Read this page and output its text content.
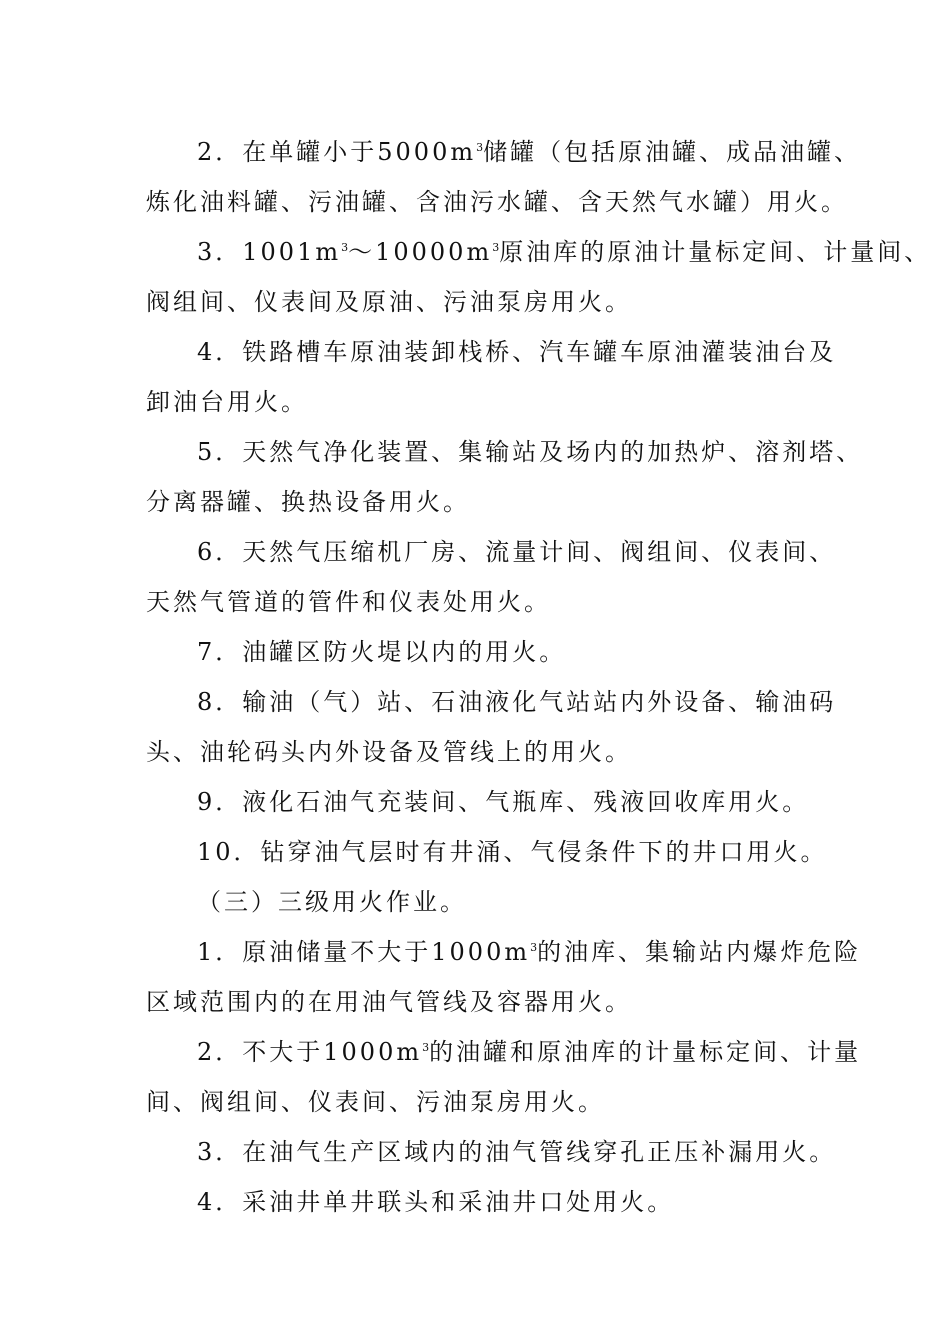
2．在单罐小于$5000m^3$储罐（包括原油罐、成品油罐、
炼化油料罐、污油罐、含油污水罐、含天然气水罐）用火。
3．$1001m^3\sim 10000m^3$原油库的原油计量标定间、计量间、
阀组间、仪表间及原油、污油泵房用火。
4．铁路槽车原油装卸栈桥、汽车罐车原油灌装油台及
卸油台用火。
5．天然气净化装置、集输站及场内的加热炉、溶剂塔、
分离器罐、换热设备用火。
6．天然气压缩机厂房、流量计间、阀组间、仪表间、
天然气管道的管件和仪表处用火。
7．油罐区防火堤以内的用火。
8．输油（气）站、石油液化气站站内外设备、输油码
头、油轮码头内外设备及管线上的用火。
9．液化石油气充装间、气瓶库、残液回收库用火。
10．钻穿油气层时有井涌、气侵条件下的井口用火。
（三）三级用火作业。
1．原油储量不大于$1000m^3$的油库、集输站内爆炸危险
区域范围内的在用油气管线及容器用火。
2．不大于$1000m^3$的油罐和原油库的计量标定间、计量
间、阀组间、仪表间、污油泵房用火。
3．在油气生产区域内的油气管线穿孔正压补漏用火。
4．采油井单井联头和采油井口处用火。
